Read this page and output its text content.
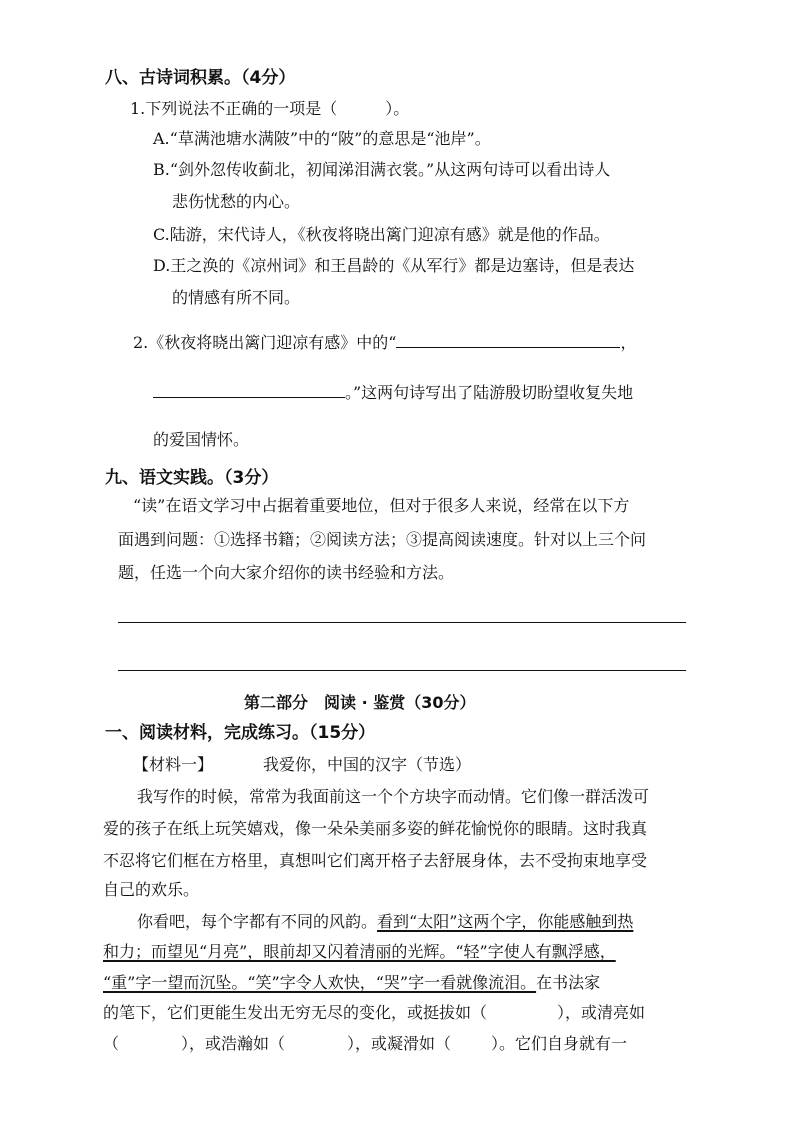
八、古诗词积累。（4分）
1.下列说法不正确的一项是（　　　）。
A.“草满池塘水满陂”中的“陂”的意思是“池岸”。
B.“剑外忽传收蓟北，初闻涕泪满衣裳。”从这两句诗可以看出诗人
悲伤忧愁的内心。
C.陆游，宋代诗人，《秋夜将晓出篱门迎凉有感》就是他的作品。
D.王之涣的《凉州词》和王昌龄的《从军行》都是边塞诗，但是表达
的情感有所不同。
2.《秋夜将晓出篱门迎凉有感》中的“	，
。”这两句诗写出了陆游殷切盼望收复失地
的爱国情怀。
九、语文实践。（3分）
“读”在语文学习中占据着重要地位，但对于很多人来说，经常在以下方
面遇到问题：①选择书籍；②阅读方法；③提高阅读速度。针对以上三个问
题，任选一个向大家介绍你的读书经验和方法。
第二部分　阅读 · 鉴赏（30分）
一、阅读材料，完成练习。（15分）
【材料一】	我爱你，中国的汉字（节选）
我写作的时候，常常为我面前这一个个方块字而动情。它们像一群活泼可
爱的孩子在纸上玩笑嬉戏，像一朵朵美丽多姿的鲜花愉悦你的眼睛。这时我真
不忍将它们框在方格里，真想叫它们离开格子去舒展身体，去不受拘束地享受
自己的欢乐。
你看吧，每个字都有不同的风韵。看到“太阳”这两个字，你能感触到热
和力；而望见“月亮”，眼前却又闪着清丽的光辉。“轻”字使人有飘浮感，
“重”字一望而沉坠。“笑”字令人欢快，“哭”字一看就像流泪。在书法家
的笔下，它们更能生发出无穷无尽的变化，或挺拔如（	），或清亮如
（	），或浩瀚如（	），或凝滑如（	）。它们自身就有一
